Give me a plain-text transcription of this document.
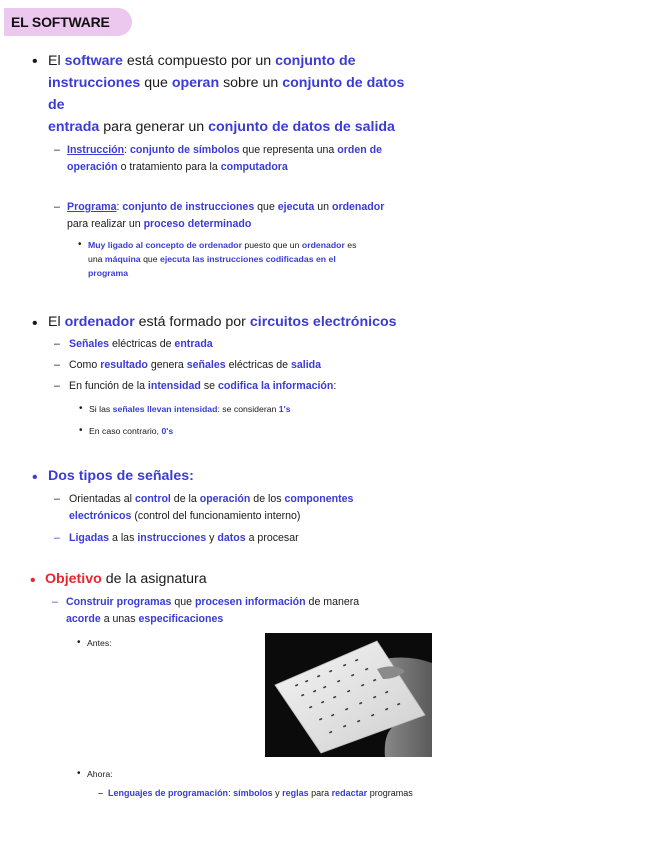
EL SOFTWARE
• El software está compuesto por un conjunto de
instrucciones que operan sobre un conjunto de datos de
entrada para generar un conjunto de datos de salida
– Instrucción: conjunto de símbolos que representa una orden de
operación o tratamiento para la computadora
– Programa: conjunto de instrucciones que ejecuta un ordenador
para realizar un proceso determinado
• Muy ligado al concepto de ordenador puesto que un ordenador es
una máquina que ejecuta las instrucciones codificadas en el
programa
• El ordenador está formado por circuitos electrónicos
– Señales eléctricas de entrada
– Como resultado genera señales eléctricas de salida
– En función de la intensidad se codifica la información:
• Si las señales llevan intensidad: se consideran 1's
• En caso contrario, 0's
• Dos tipos de señales:
– Orientadas al control de la operación de los componentes
electrónicos (control del funcionamiento interno)
– Ligadas a las instrucciones y datos a procesar
• Objetivo de la asignatura
– Construir programas que procesen información de manera
acorde a unas especificaciones
• Antes:
• Ahora:
– Lenguajes de programación: símbolos y reglas para redactar programas
